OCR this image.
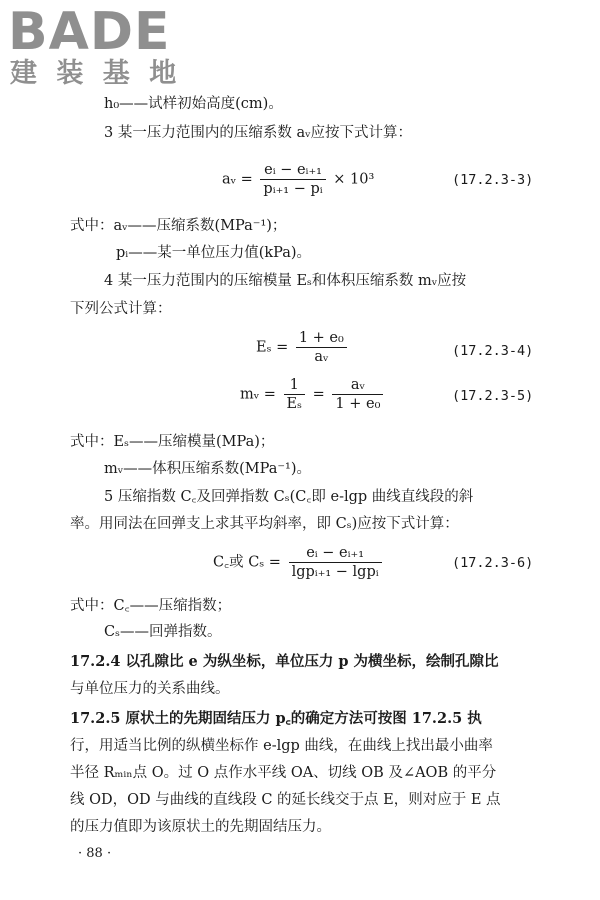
BADE
建 装 基 地
h₀——试样初始高度(cm)。
3 某一压力范围内的压缩系数 aᵥ应按下式计算：
aᵥ = $\frac{\text{eᵢ − eᵢ₊₁}}{\text{pᵢ₊₁ − pᵢ}} \times 10^3$	(17.2.3-3)
式中：aᵥ——压缩系数(MPa⁻¹)；
pᵢ——某一单位压力值(kPa)。
4 某一压力范围内的压缩模量 Eₛ和体积压缩系数 mᵥ应按
下列公式计算：
$E_s = \frac{\text{1 + e₀}}{\text{aᵥ}}$	(17.2.3-4)
mᵥ = $\frac{1}{\text{Eₛ}} = \frac{\text{aᵥ}}{\text{1 + e₀}}$	(17.2.3-5)
式中：Eₛ——压缩模量(MPa)；
mᵥ——体积压缩系数(MPa⁻¹)。
5 压缩指数 C꜀及回弹指数 Cₛ(C꜀即 e-lgp 曲线直线段的斜
率。用同法在回弹支上求其平均斜率，即 Cₛ)应按下式计算：
C꜀或 $C_s = \frac{\text{eᵢ − eᵢ₊₁}}{\text{lgpᵢ₊₁ − lgpᵢ}}$	(17.2.3-6)
式中：C꜀——压缩指数；
Cₛ——回弹指数。
17.2.4 以孔隙比 e 为纵坐标，单位压力 p 为横坐标，绘制孔隙比
与单位压力的关系曲线。
17.2.5 原状土的先期固结压力 p꜀的确定方法可按图 17.2.5 执
行，用适当比例的纵横坐标作 e-lgp 曲线，在曲线上找出最小曲率
半径 Rₘᵢₙ点 O。过 O 点作水平线 OA、切线 OB 及∠AOB 的平分
线 OD，OD 与曲线的直线段 C 的延长线交于点 E，则对应于 E 点
的压力值即为该原状土的先期固结压力。
· 88 ·
